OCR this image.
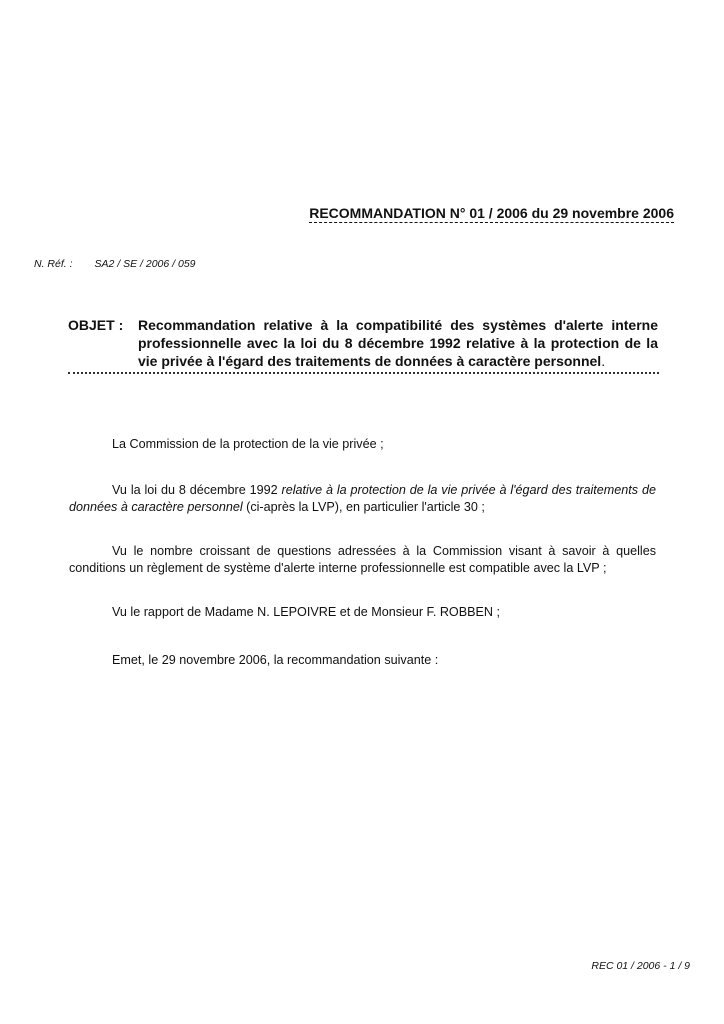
RECOMMANDATION N° 01 / 2006 du 29 novembre 2006
N. Réf. : SA2 / SE / 2006 / 059
OBJET : Recommandation relative à la compatibilité des systèmes d'alerte interne professionnelle avec la loi du 8 décembre 1992 relative à la protection de la vie privée à l'égard des traitements de données à caractère personnel.
La Commission de la protection de la vie privée ;
Vu la loi du 8 décembre 1992 relative à la protection de la vie privée à l'égard des traitements de données à caractère personnel (ci-après la LVP), en particulier l'article 30 ;
Vu le nombre croissant de questions adressées à la Commission visant à savoir à quelles conditions un règlement de système d'alerte interne professionnelle est compatible avec la LVP ;
Vu le rapport de Madame N. LEPOIVRE et de Monsieur F. ROBBEN ;
Emet, le 29 novembre 2006, la recommandation suivante :
REC 01 / 2006 - 1 / 9
